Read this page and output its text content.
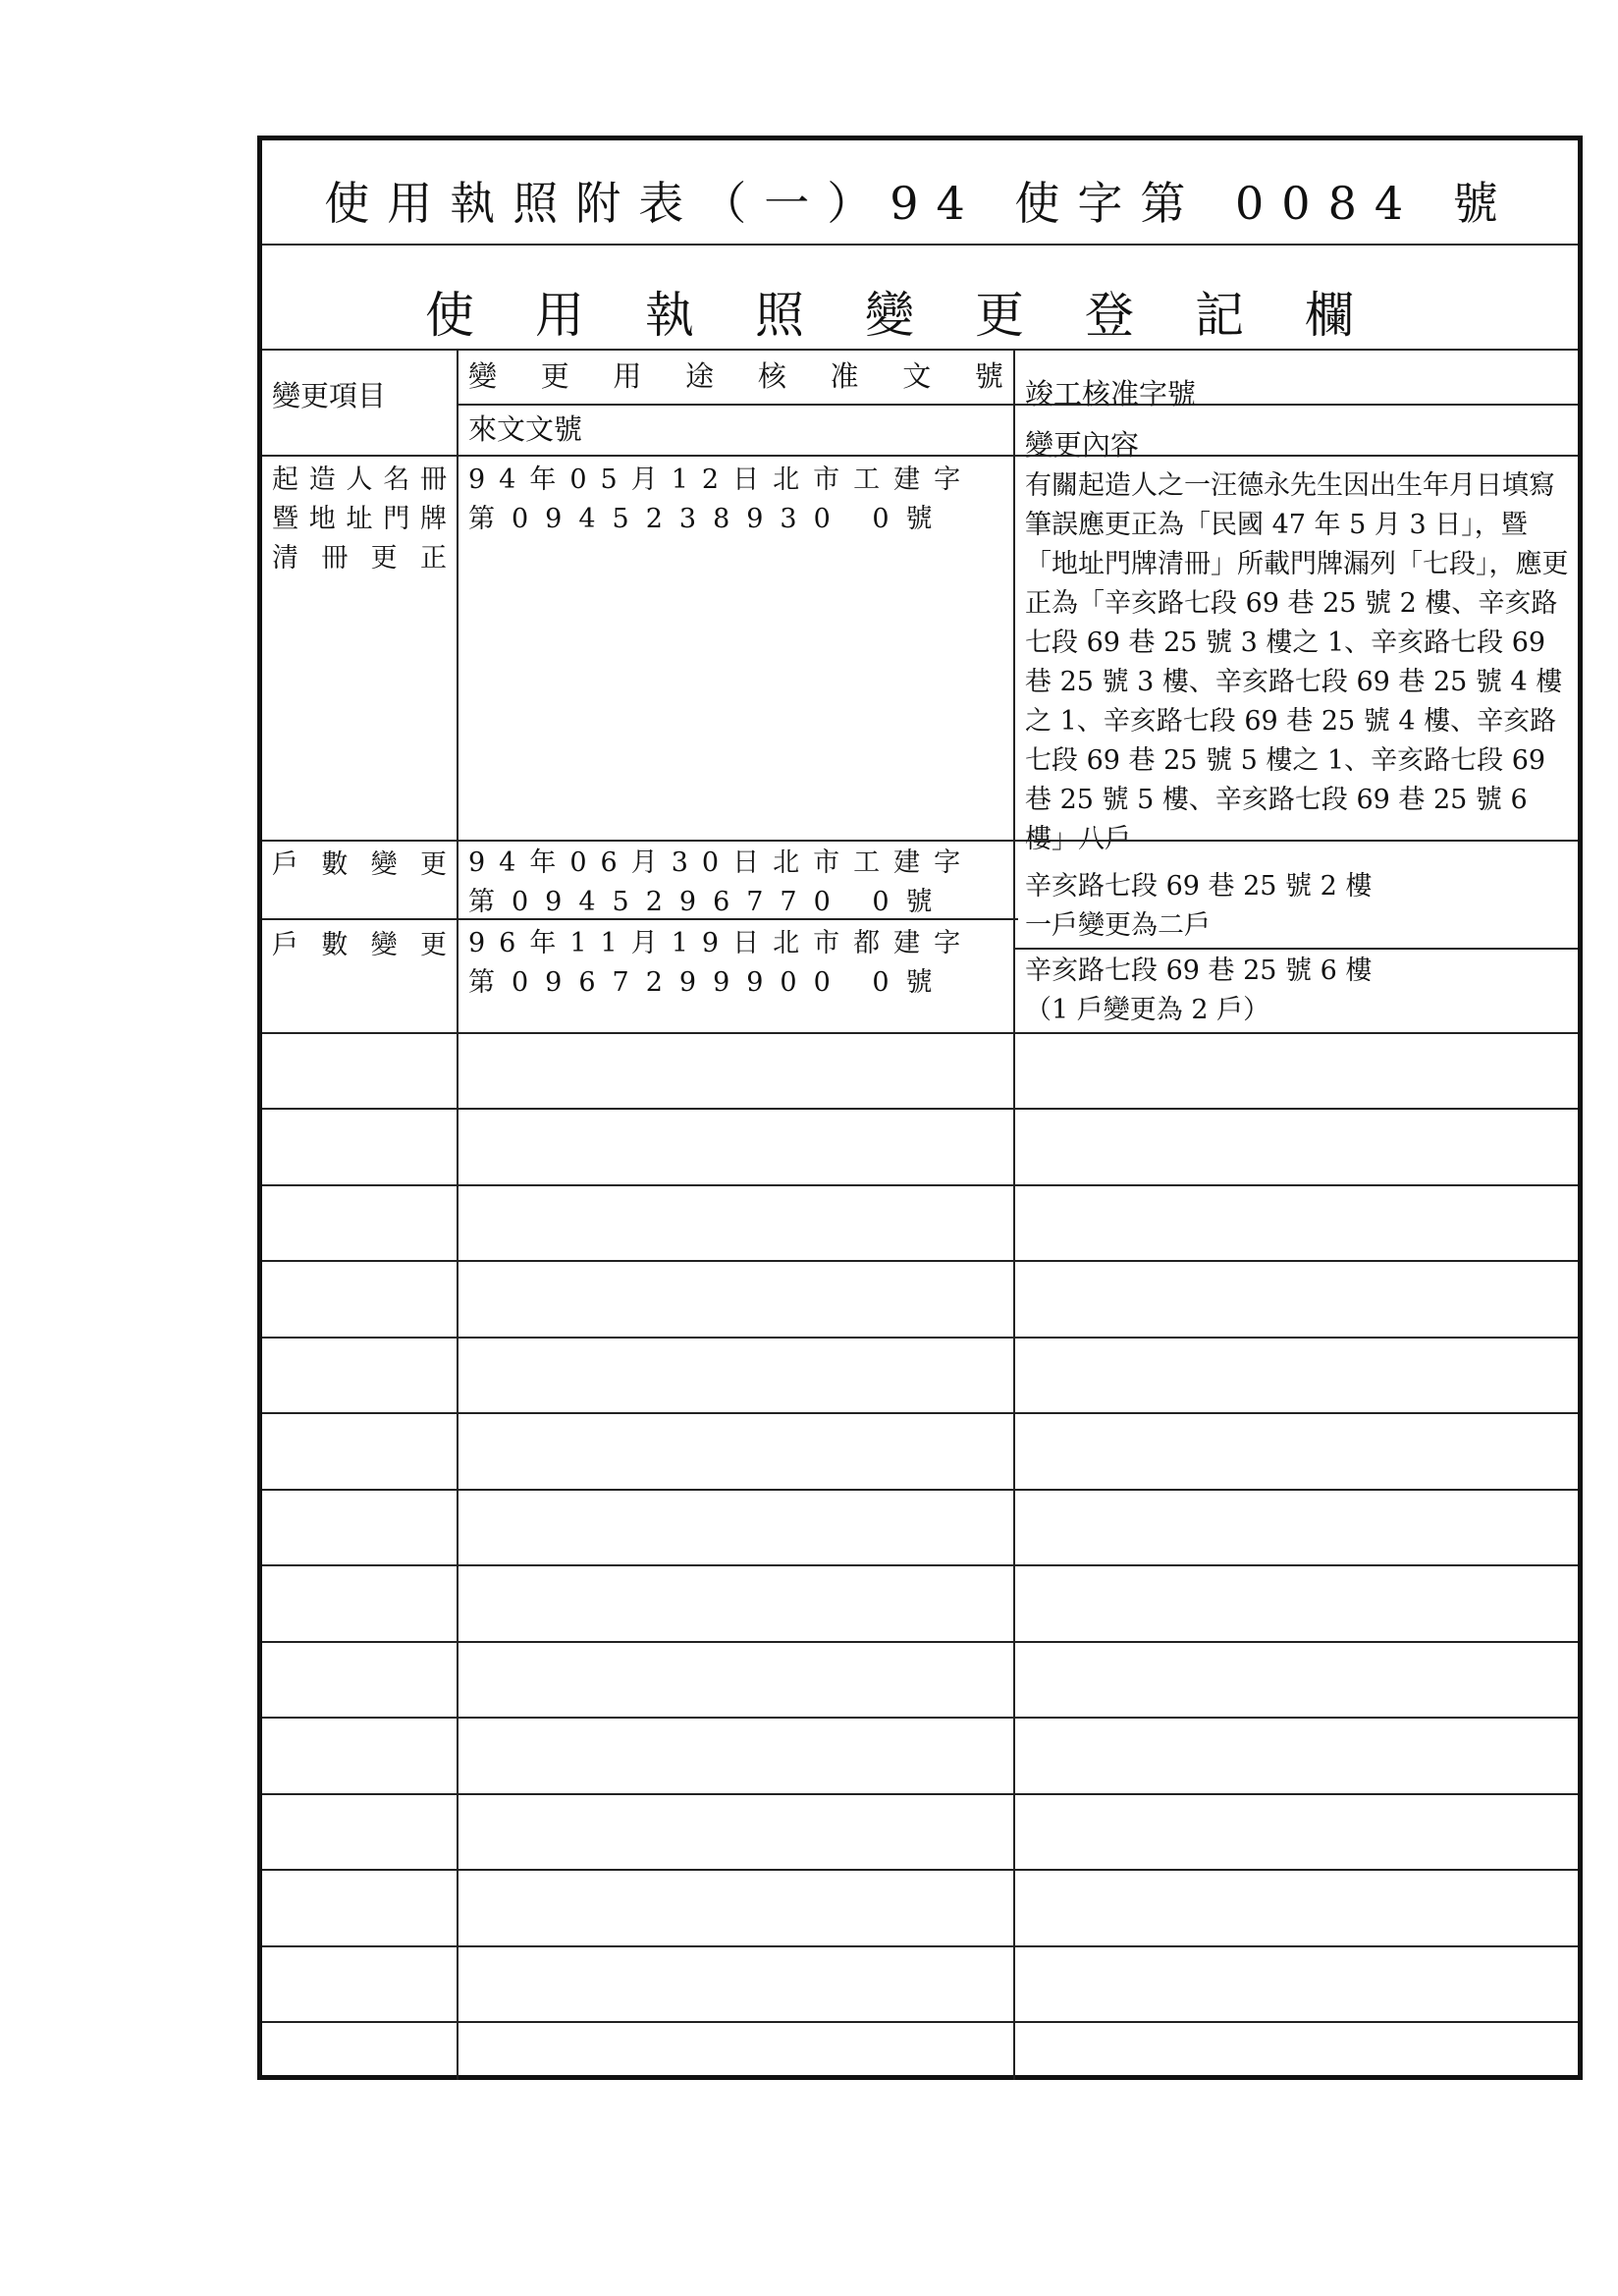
使用執照附表（一）94 使字第 0084 號
使用執照變更登記欄
變更項目
變 更 用 途 核 准 文 號
竣工核准字號
來文文號	變更內容
起 造 人 名 冊
暨 地 址 門 牌
清 冊 更 正
94年05月12日北市工建字
第0945238930 0號
有關起造人之一汪德永先生因出生年月日填寫筆誤應更正為「民國 47 年 5 月 3 日」，暨「地址門牌清冊」所載門牌漏列「七段」，應更正為「辛亥路七段 69 巷 25 號 2 樓、辛亥路七段 69 巷 25 號 3 樓之 1、辛亥路七段 69 巷 25 號 3 樓、辛亥路七段 69 巷 25 號 4 樓之 1、辛亥路七段 69 巷 25 號 4 樓、辛亥路七段 69 巷 25 號 5 樓之 1、辛亥路七段 69 巷 25 號 5 樓、辛亥路七段 69 巷 25 號 6 樓」八戶
戶 數 變 更 94年06月30日北市工建字
第0945296770 0號
辛亥路七段 69 巷 25 號 2 樓
一戶變更為二戶
戶 數 變 更 96年11月19日北市都建字
第0967299900 0號	辛亥路七段 69 巷 25 號 6 樓
（1 戶變更為 2 戶）
